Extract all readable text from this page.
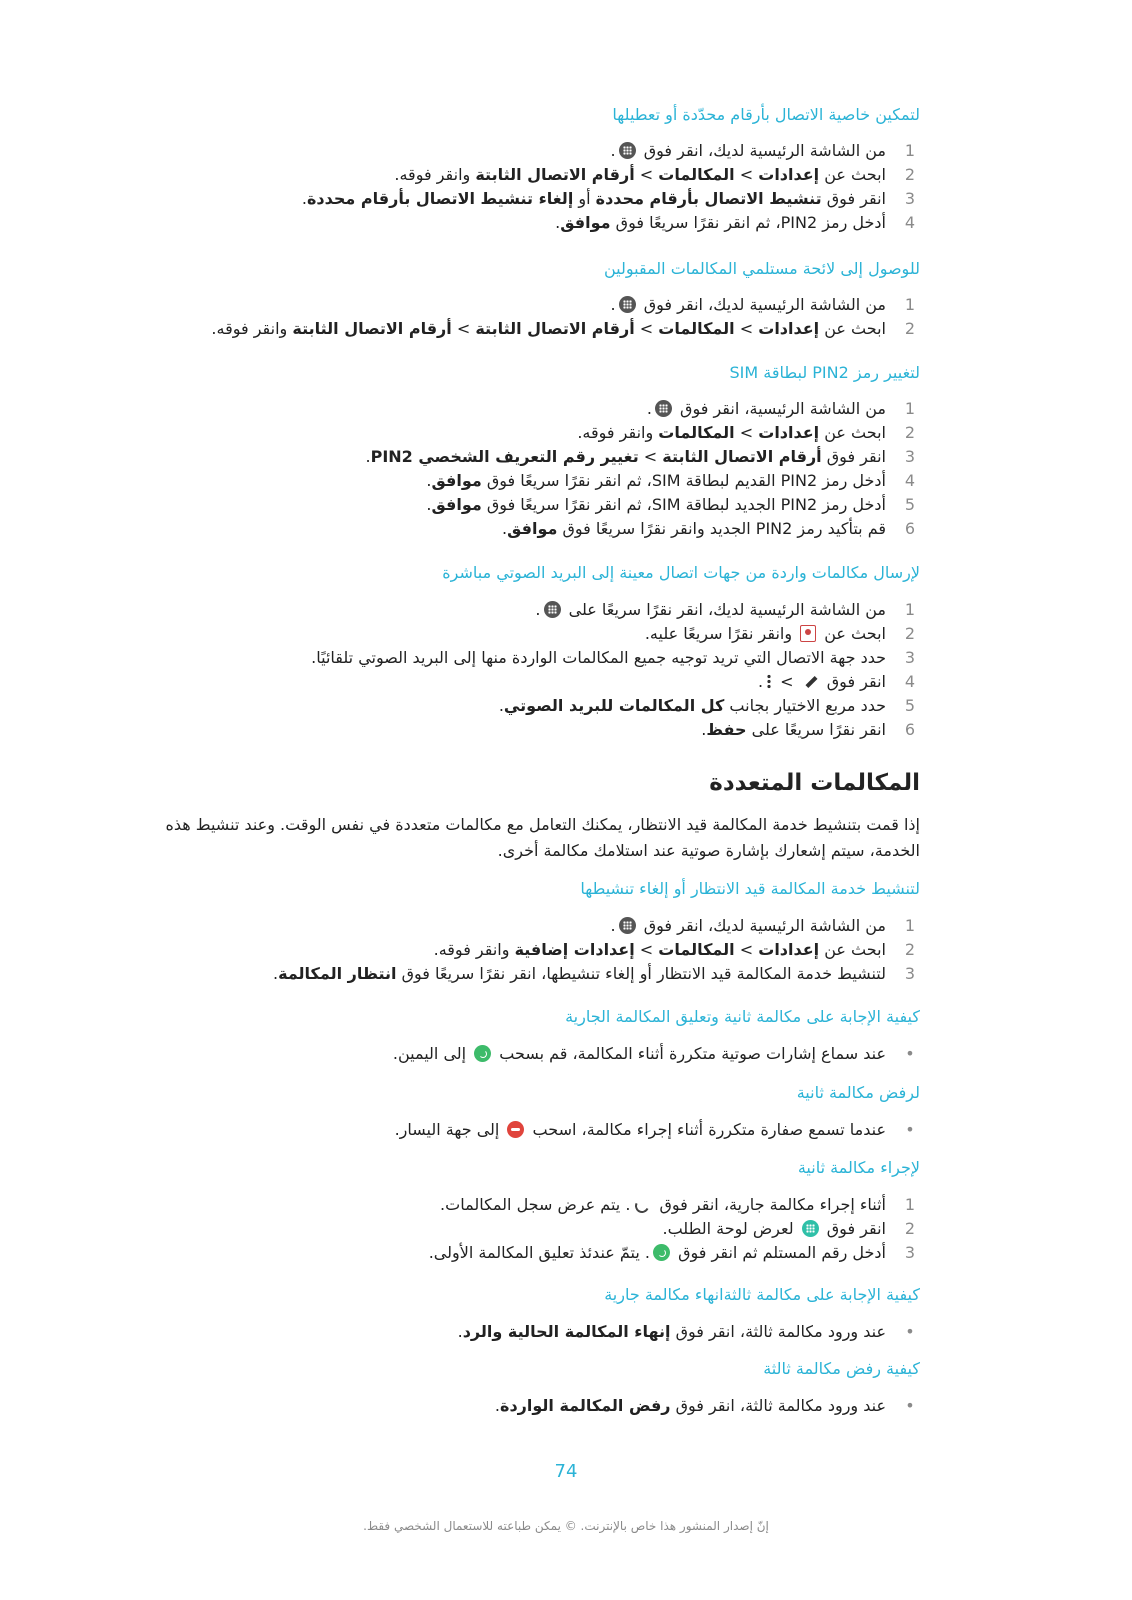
لتمكين خاصية الاتصال بأرقام محدّدة أو تعطيلها
1
من الشاشة الرئيسية لديك، انقر فوق .
2
ابحث عن إعدادات > المكالمات > أرقام الاتصال الثابتة وانقر فوقه.
3
انقر فوق تنشيط الاتصال بأرقام محددة أو إلغاء تنشيط الاتصال بأرقام محددة.
4
أدخل رمز PIN2، ثم انقر نقرًا سريعًا فوق موافق.
للوصول إلى لائحة مستلمي المكالمات المقبولين
1
من الشاشة الرئيسية لديك، انقر فوق .
2
ابحث عن إعدادات > المكالمات > أرقام الاتصال الثابتة > أرقام الاتصال الثابتة وانقر فوقه.
لتغيير رمز PIN2 لبطاقة SIM
1
من الشاشة الرئيسية، انقر فوق .
2
ابحث عن إعدادات > المكالمات وانقر فوقه.
3
انقر فوق أرقام الاتصال الثابتة > تغيير رقم التعريف الشخصي PIN2.
4
أدخل رمز PIN2 القديم لبطاقة SIM، ثم انقر نقرًا سريعًا فوق موافق.
5
أدخل رمز PIN2 الجديد لبطاقة SIM، ثم انقر نقرًا سريعًا فوق موافق.
6
قم بتأكيد رمز PIN2 الجديد وانقر نقرًا سريعًا فوق موافق.
لإرسال مكالمات واردة من جهات اتصال معينة إلى البريد الصوتي مباشرة
1
من الشاشة الرئيسية لديك، انقر نقرًا سريعًا على .
2
ابحث عن  وانقر نقرًا سريعًا عليه.
3
حدد جهة الاتصال التي تريد توجيه جميع المكالمات الواردة منها إلى البريد الصوتي تلقائيًا.
4
انقر فوق  > .
5
حدد مربع الاختيار بجانب كل المكالمات للبريد الصوتي.
6
انقر نقرًا سريعًا على حفظ.
المكالمات المتعددة
إذا قمت بتنشيط خدمة المكالمة قيد الانتظار، يمكنك التعامل مع مكالمات متعددة في نفس الوقت. وعند تنشيط هذه الخدمة، سيتم إشعارك بإشارة صوتية عند استلامك مكالمة أخرى.
لتنشيط خدمة المكالمة قيد الانتظار أو إلغاء تنشيطها
1
من الشاشة الرئيسية لديك، انقر فوق .
2
ابحث عن إعدادات > المكالمات > إعدادات إضافية وانقر فوقه.
3
لتنشيط خدمة المكالمة قيد الانتظار أو إلغاء تنشيطها، انقر نقرًا سريعًا فوق انتظار المكالمة.
كيفية الإجابة على مكالمة ثانية وتعليق المكالمة الجارية
•
عند سماع إشارات صوتية متكررة أثناء المكالمة، قم بسحب  إلى اليمين.
لرفض مكالمة ثانية
•
عندما تسمع صفارة متكررة أثناء إجراء مكالمة، اسحب  إلى جهة اليسار.
لإجراء مكالمة ثانية
1
أثناء إجراء مكالمة جارية، انقر فوق . يتم عرض سجل المكالمات.
2
انقر فوق  لعرض لوحة الطلب.
3
أدخل رقم المستلم ثم انقر فوق . يتمّ عندئذ تعليق المكالمة الأولى.
كيفية الإجابة على مكالمة ثالثةانهاء مكالمة جارية
•
عند ورود مكالمة ثالثة، انقر فوق إنهاء المكالمة الحالية والرد.
كيفية رفض مكالمة ثالثة
•
عند ورود مكالمة ثالثة، انقر فوق رفض المكالمة الواردة.
74
إنّ إصدار المنشور هذا خاص بالإنترنت. © يمكن طباعته للاستعمال الشخصي فقط.
